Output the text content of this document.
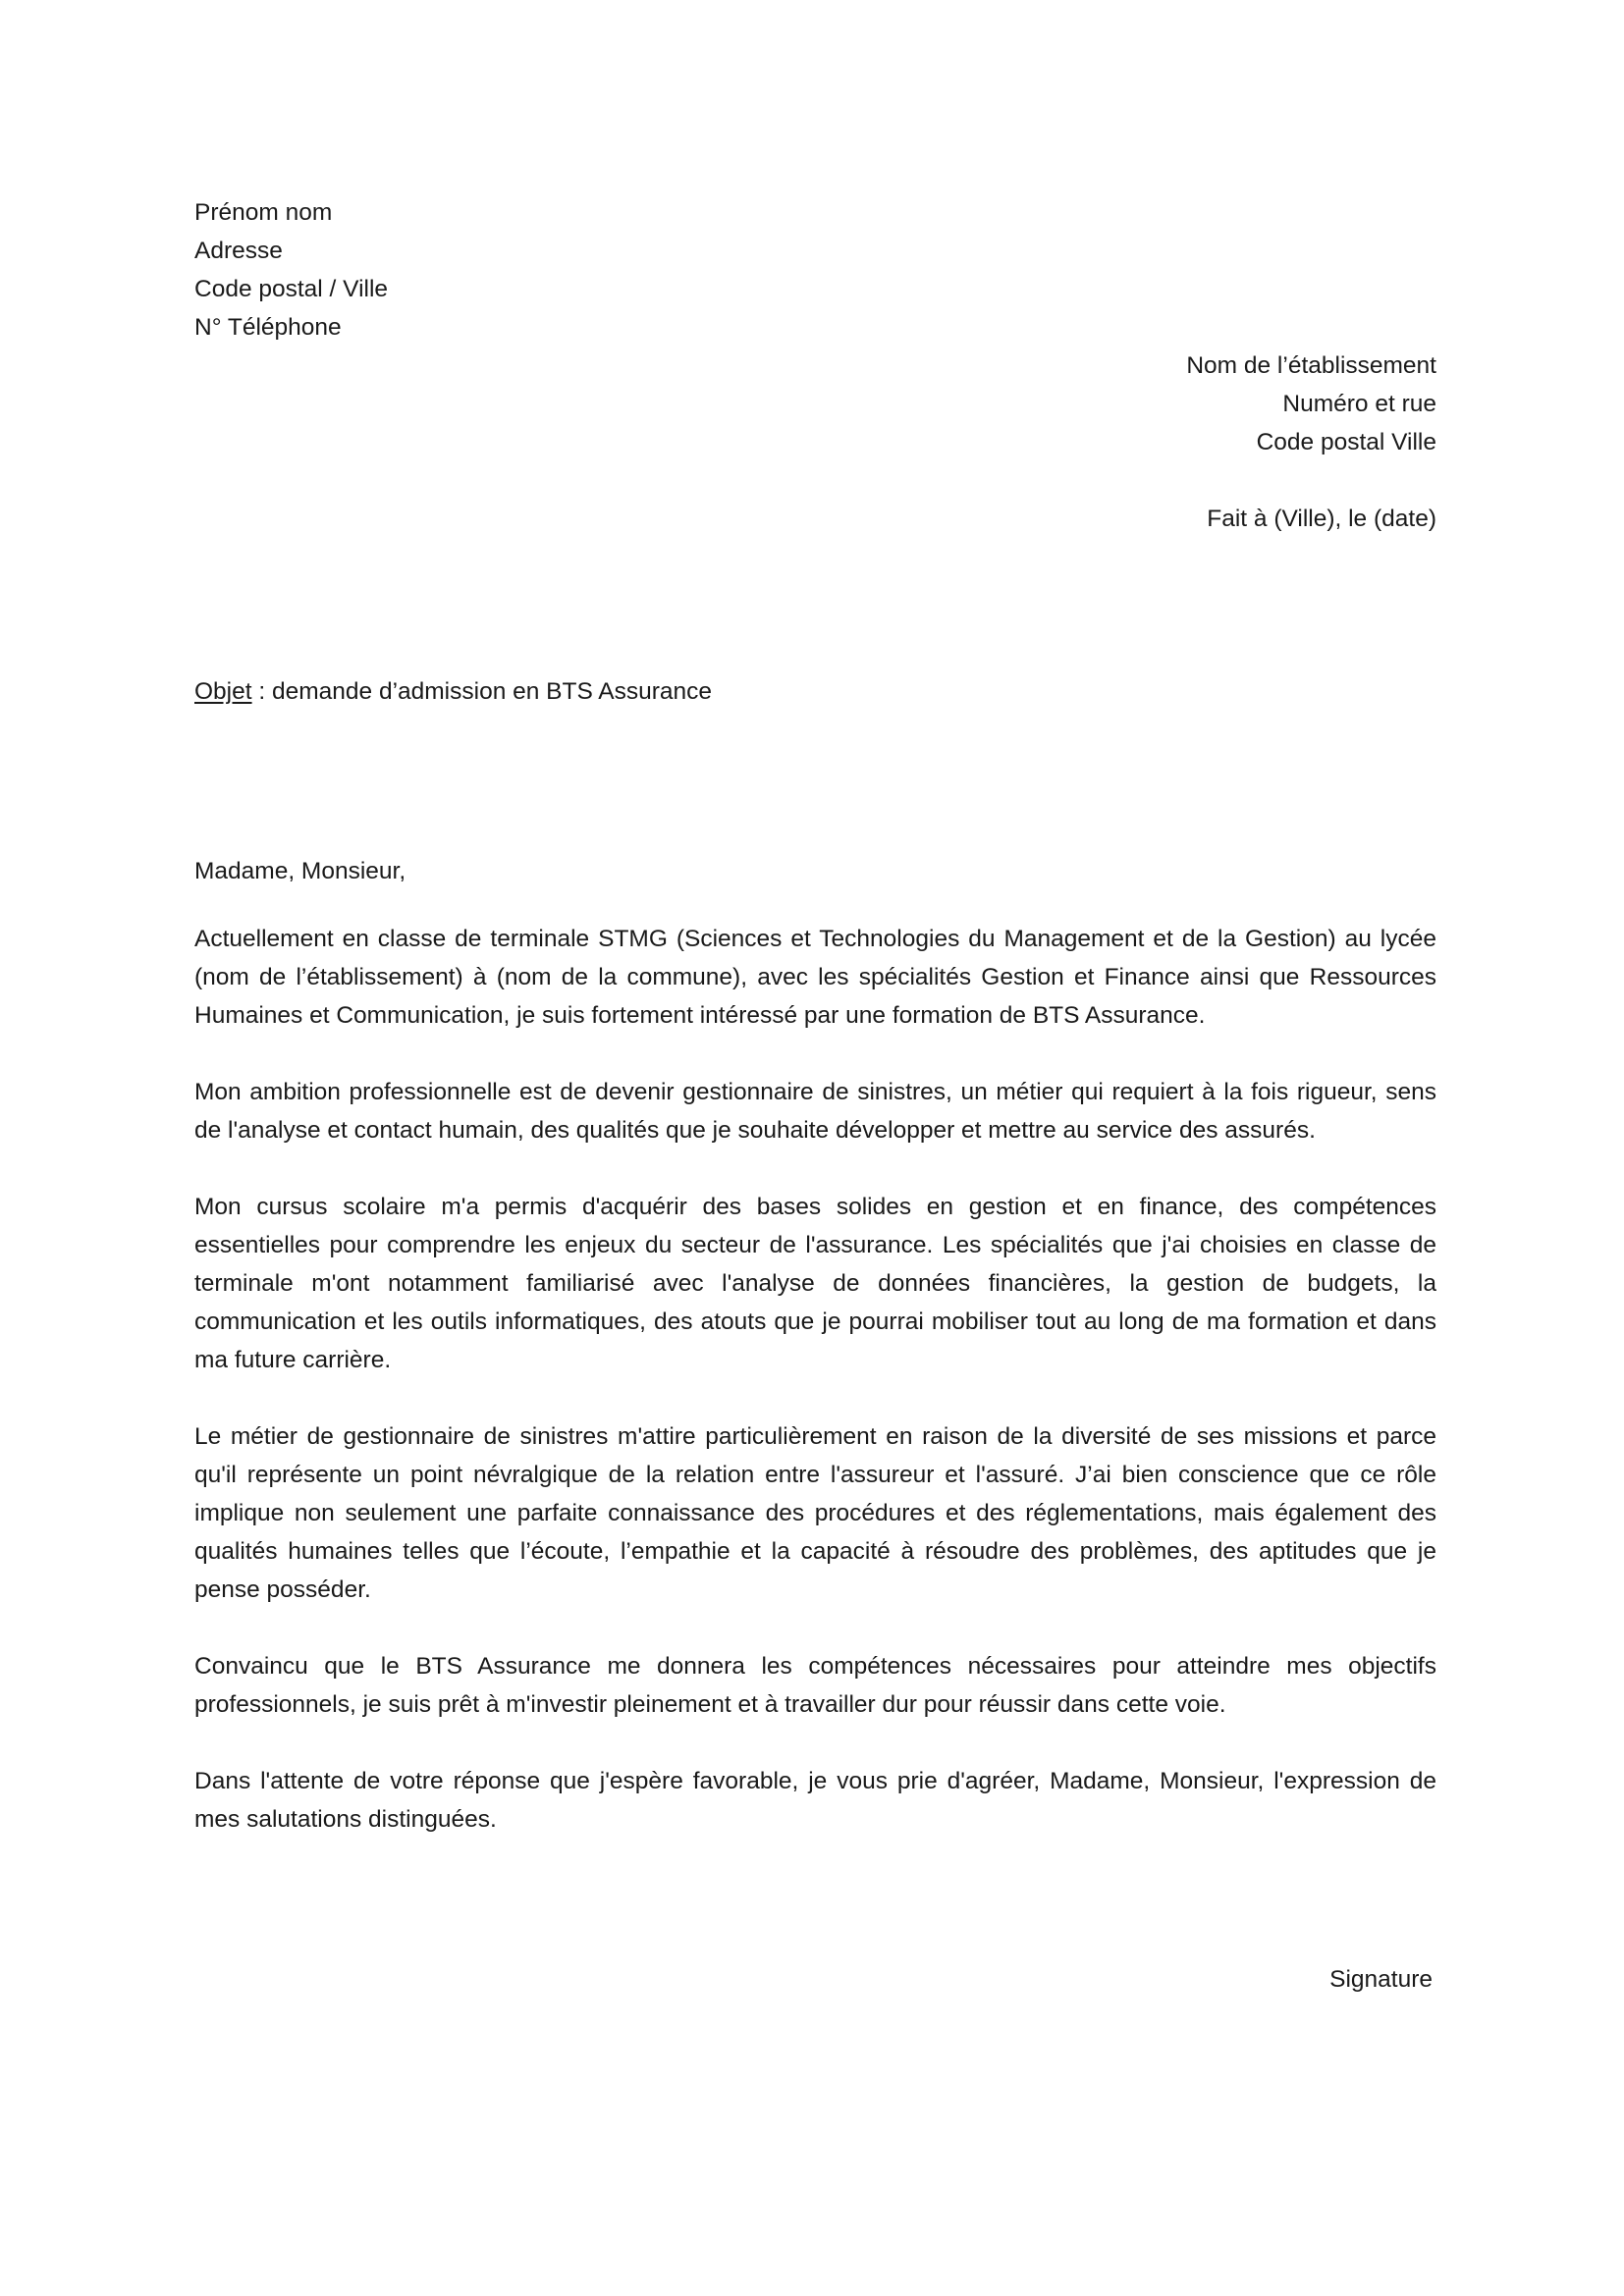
Prénom nom
Adresse
Code postal / Ville
N° Téléphone
Nom de l’établissement
Numéro et rue
Code postal Ville
Fait à (Ville), le (date)
Objet : demande d’admission en BTS Assurance
Madame, Monsieur,

Actuellement en classe de terminale STMG (Sciences et Technologies du Management et de la Gestion) au lycée (nom de l’établissement) à (nom de la commune), avec les spécialités Gestion et Finance ainsi que Ressources Humaines et Communication, je suis fortement intéressé par une formation de BTS Assurance.

Mon ambition professionnelle est de devenir gestionnaire de sinistres, un métier qui requiert à la fois rigueur, sens de l'analyse et contact humain, des qualités que je souhaite développer et mettre au service des assurés.

Mon cursus scolaire m'a permis d'acquérir des bases solides en gestion et en finance, des compétences essentielles pour comprendre les enjeux du secteur de l'assurance. Les spécialités que j'ai choisies en classe de terminale m'ont notamment familiarisé avec l'analyse de données financières, la gestion de budgets, la communication et les outils informatiques, des atouts que je pourrai mobiliser tout au long de ma formation et dans ma future carrière.

Le métier de gestionnaire de sinistres m'attire particulièrement en raison de la diversité de ses missions et parce qu'il représente un point névralgique de la relation entre l'assureur et l'assuré. J’ai bien conscience que ce rôle implique non seulement une parfaite connaissance des procédures et des réglementations, mais également des qualités humaines telles que l’écoute, l’empathie et la capacité à résoudre des problèmes, des aptitudes que je pense posséder.

Convaincu que le BTS Assurance me donnera les compétences nécessaires pour atteindre mes objectifs professionnels, je suis prêt à m'investir pleinement et à travailler dur pour réussir dans cette voie.

Dans l'attente de votre réponse que j'espère favorable, je vous prie d'agréer, Madame, Monsieur, l'expression de mes salutations distinguées.

Signature
